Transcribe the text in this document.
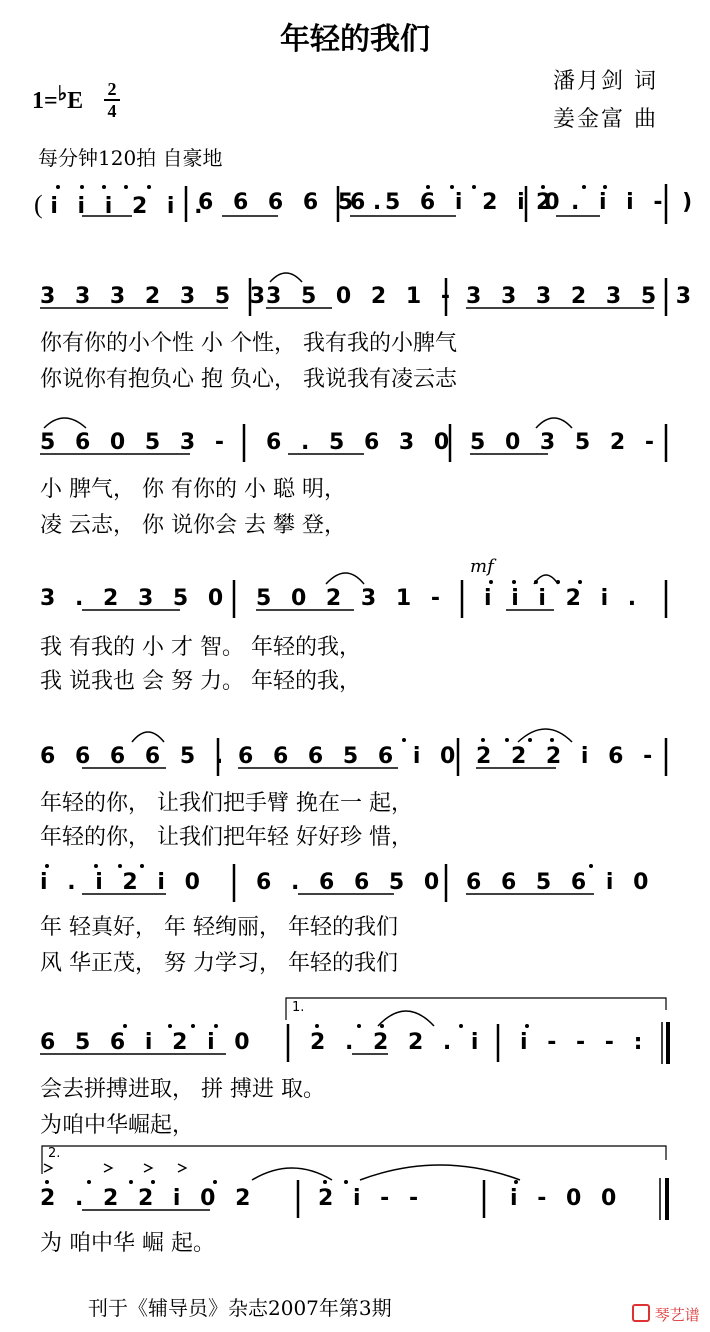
年轻的我们
潘月剑 词
姜金富 曲
1=♭E 2
4
每分钟120拍 自豪地
( i i i 2 i .
6 6 6 6 5 .
6 5 6 i 2 i 0
2 . i i - )
3 3 3 2 3 5 3
3 5 0 2 1 - 3 3 3 2 3 5 3
你有你的小个性 小 个性， 我有我的小脾气
你说你有抱负心 抱 负心， 我说我有凌云志
5 6 0 5 3 - 6 . 5 6 3 0 5 0 3 5 2 -
小 脾气， 你 有你的 小 聪 明，
凌 云志， 你 说你会 去 攀 登，
3 . 2 3 5 0 5 0 2 3 1 - i i i 2 i .
mf
我 有我的 小 才 智。 年轻的我，
我 说我也 会 努 力。 年轻的我，
6 6 6 6 5 . 6 6 6 5 6 i 0 2 2 2 i 6 -
年轻的你， 让我们把手臂 挽在一 起，
年轻的你， 让我们把年轻 好好珍 惜，
i . i 2 i 0 6 . 6 6 5 0 6 6 5 6 i 0
年 轻真好， 年 轻绚丽， 年轻的我们
风 华正茂， 努 力学习， 年轻的我们
1.
6 5 6 i 2 i 0 2 . 2 2 . i i - - - :
会去拼搏进取， 拼 搏进 取。
为咱中华崛起，
2.
2 . 2 2 i 0 2	2 i - -	i - 0 0
为 咱中华 崛 起。
刊于《辅导员》杂志2007年第3期	琴艺谱
